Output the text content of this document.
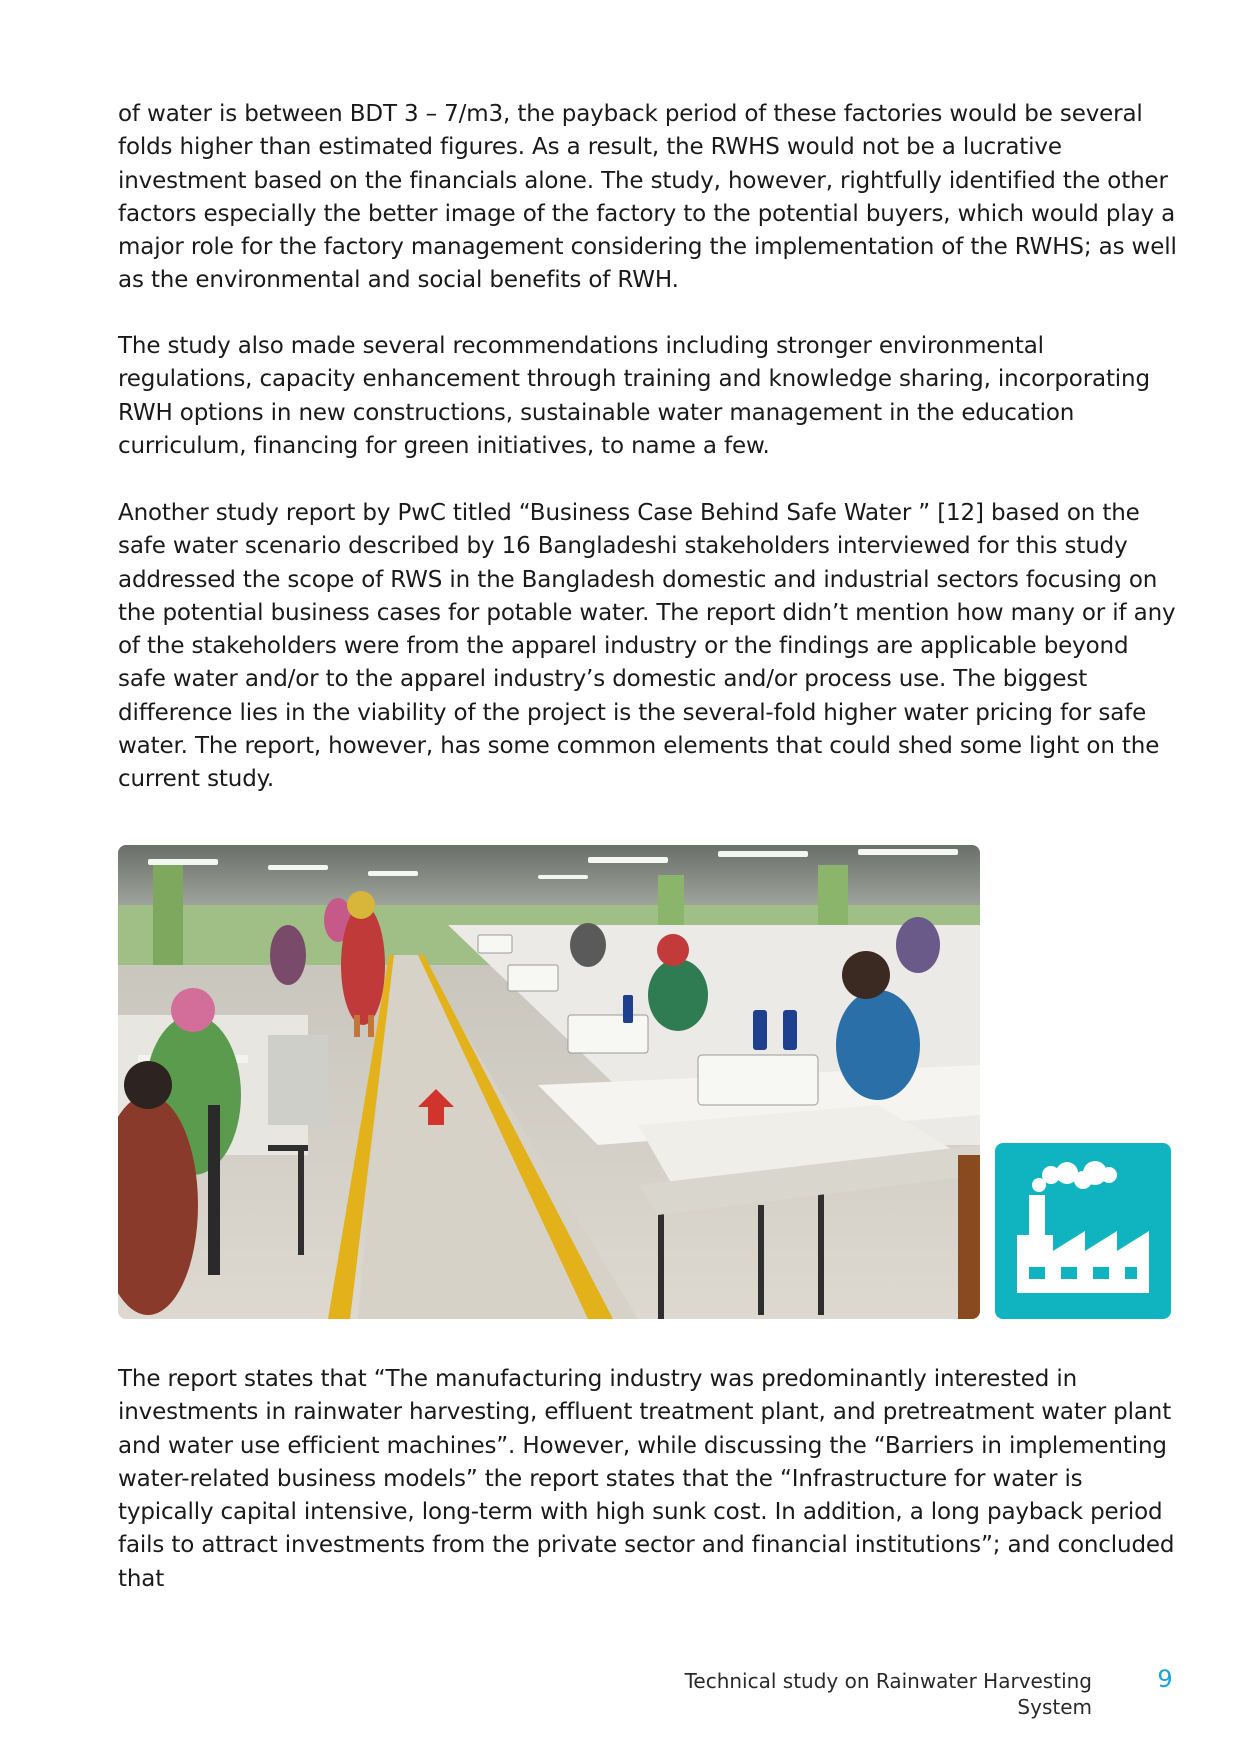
of water is between BDT 3 – 7/m3, the payback period of these factories would be several folds higher than estimated figures. As a result, the RWHS would not be a lucrative investment based on the financials alone. The study, however, rightfully identified the other factors especially the better image of the factory to the potential buyers, which would play a major role for the factory management considering the implementation of the RWHS; as well as the environmental and social benefits of RWH.

The study also made several recommendations including stronger environmental regulations, capacity enhancement through training and knowledge sharing, incorporating RWH options in new constructions, sustainable water management in the education curriculum, financing for green initiatives, to name a few.

Another study report by PwC titled “Business Case Behind Safe Water ” [12] based on the safe water scenario described by 16 Bangladeshi stakeholders interviewed for this study addressed the scope of RWS in the Bangladesh domestic and industrial sectors focusing on the potential business cases for potable water. The report didn’t mention how many or if any of the stakeholders were from the apparel industry or the findings are applicable beyond safe water and/or to the apparel industry’s domestic and/or process use. The biggest difference lies in the viability of the project is the several-fold higher water pricing for safe water. The report, however, has some common elements that could shed some light on the current study.

The report states that “The manufacturing industry was predominantly interested in investments in rainwater harvesting, effluent treatment plant, and pretreatment water plant and water use efficient machines”. However, while discussing the “Barriers in implementing water-related business models” the report states that the “Infrastructure for water is typically capital intensive, long-term with high sunk cost. In addition, a long payback period fails to attract investments from the private sector and financial institutions”; and concluded that

Technical study on Rainwater Harvesting System
9
